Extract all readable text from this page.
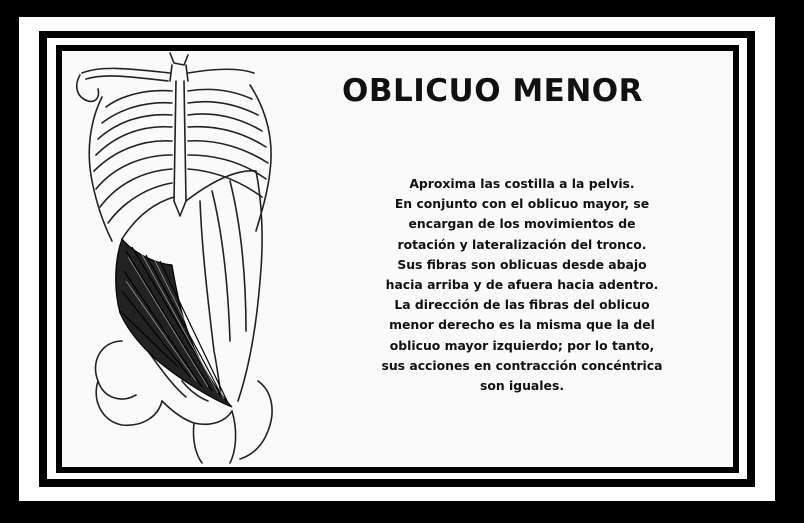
OBLICUO MENOR

Aproxima las costilla a la pelvis.
En conjunto con el oblicuo mayor, se
encargan de los movimientos de
rotación y lateralización del tronco.
Sus fibras son oblicuas desde abajo
hacia arriba y de afuera hacia adentro.
La dirección de las fibras del oblicuo
menor derecho es la misma que la del
oblicuo mayor izquierdo; por lo tanto,
sus acciones en contracción concéntrica
son iguales.
